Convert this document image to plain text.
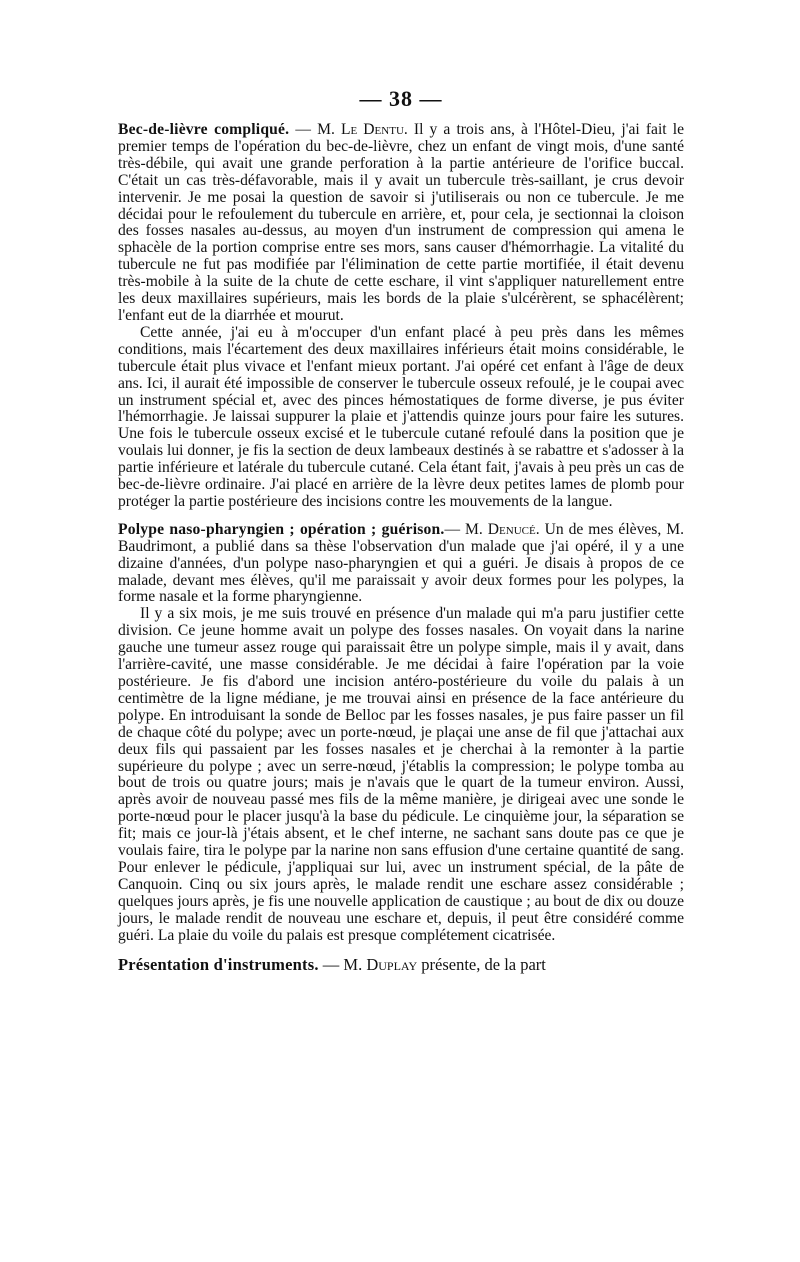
— 38 —

Bec-de-lièvre compliqué. — M. Le Dentu. Il y a trois ans, à l'Hôtel-Dieu, j'ai fait le premier temps de l'opération du bec-de-lièvre, chez un enfant de vingt mois, d'une santé très-débile, qui avait une grande perforation à la partie antérieure de l'orifice buccal. C'était un cas très-défavorable, mais il y avait un tubercule très-saillant, je crus devoir intervenir. Je me posai la question de savoir si j'utiliserais ou non ce tubercule. Je me décidai pour le refoulement du tubercule en arrière, et, pour cela, je sectionnai la cloison des fosses nasales au-dessus, au moyen d'un instrument de compression qui amena le sphacèle de la portion comprise entre ses mors, sans causer d'hémorrhagie. La vitalité du tubercule ne fut pas modifiée par l'élimination de cette partie mortifiée, il était devenu très-mobile à la suite de la chute de cette eschare, il vint s'appliquer naturellement entre les deux maxillaires supérieurs, mais les bords de la plaie s'ulcérèrent, se sphacélèrent; l'enfant eut de la diarrhée et mourut.

Cette année, j'ai eu à m'occuper d'un enfant placé à peu près dans les mêmes conditions, mais l'écartement des deux maxillaires inférieurs était moins considérable, le tubercule était plus vivace et l'enfant mieux portant. J'ai opéré cet enfant à l'âge de deux ans. Ici, il aurait été impossible de conserver le tubercule osseux refoulé, je le coupai avec un instrument spécial et, avec des pinces hémostatiques de forme diverse, je pus éviter l'hémorrhagie. Je laissai suppurer la plaie et j'attendis quinze jours pour faire les sutures. Une fois le tubercule osseux excisé et le tubercule cutané refoulé dans la position que je voulais lui donner, je fis la section de deux lambeaux destinés à se rabattre et s'adosser à la partie inférieure et latérale du tubercule cutané. Cela étant fait, j'avais à peu près un cas de bec-de-lièvre ordinaire. J'ai placé en arrière de la lèvre deux petites lames de plomb pour protéger la partie postérieure des incisions contre les mouvements de la langue.

Polype naso-pharyngien ; opération ; guérison.— M. Denucé. Un de mes élèves, M. Baudrimont, a publié dans sa thèse l'observation d'un malade que j'ai opéré, il y a une dizaine d'années, d'un polype naso-pharyngien et qui a guéri. Je disais à propos de ce malade, devant mes élèves, qu'il me paraissait y avoir deux formes pour les polypes, la forme nasale et la forme pharyngienne.

Il y a six mois, je me suis trouvé en présence d'un malade qui m'a paru justifier cette division. Ce jeune homme avait un polype des fosses nasales. On voyait dans la narine gauche une tumeur assez rouge qui paraissait être un polype simple, mais il y avait, dans l'arrière-cavité, une masse considérable. Je me décidai à faire l'opération par la voie postérieure. Je fis d'abord une incision antéro-postérieure du voile du palais à un centimètre de la ligne médiane, je me trouvai ainsi en présence de la face antérieure du polype. En introduisant la sonde de Belloc par les fosses nasales, je pus faire passer un fil de chaque côté du polype; avec un porte-nœud, je plaçai une anse de fil que j'attachai aux deux fils qui passaient par les fosses nasales et je cherchai à la remonter à la partie supérieure du polype ; avec un serre-nœud, j'établis la compression; le polype tomba au bout de trois ou quatre jours; mais je n'avais que le quart de la tumeur environ. Aussi, après avoir de nouveau passé mes fils de la même manière, je dirigeai avec une sonde le porte-nœud pour le placer jusqu'à la base du pédicule. Le cinquième jour, la séparation se fit; mais ce jour-là j'étais absent, et le chef interne, ne sachant sans doute pas ce que je voulais faire, tira le polype par la narine non sans effusion d'une certaine quantité de sang. Pour enlever le pédicule, j'appliquai sur lui, avec un instrument spécial, de la pâte de Canquoin. Cinq ou six jours après, le malade rendit une eschare assez considérable ; quelques jours après, je fis une nouvelle application de caustique ; au bout de dix ou douze jours, le malade rendit de nouveau une eschare et, depuis, il peut être considéré comme guéri. La plaie du voile du palais est presque complétement cicatrisée.

Présentation d'instruments. — M. Duplay présente, de la part
